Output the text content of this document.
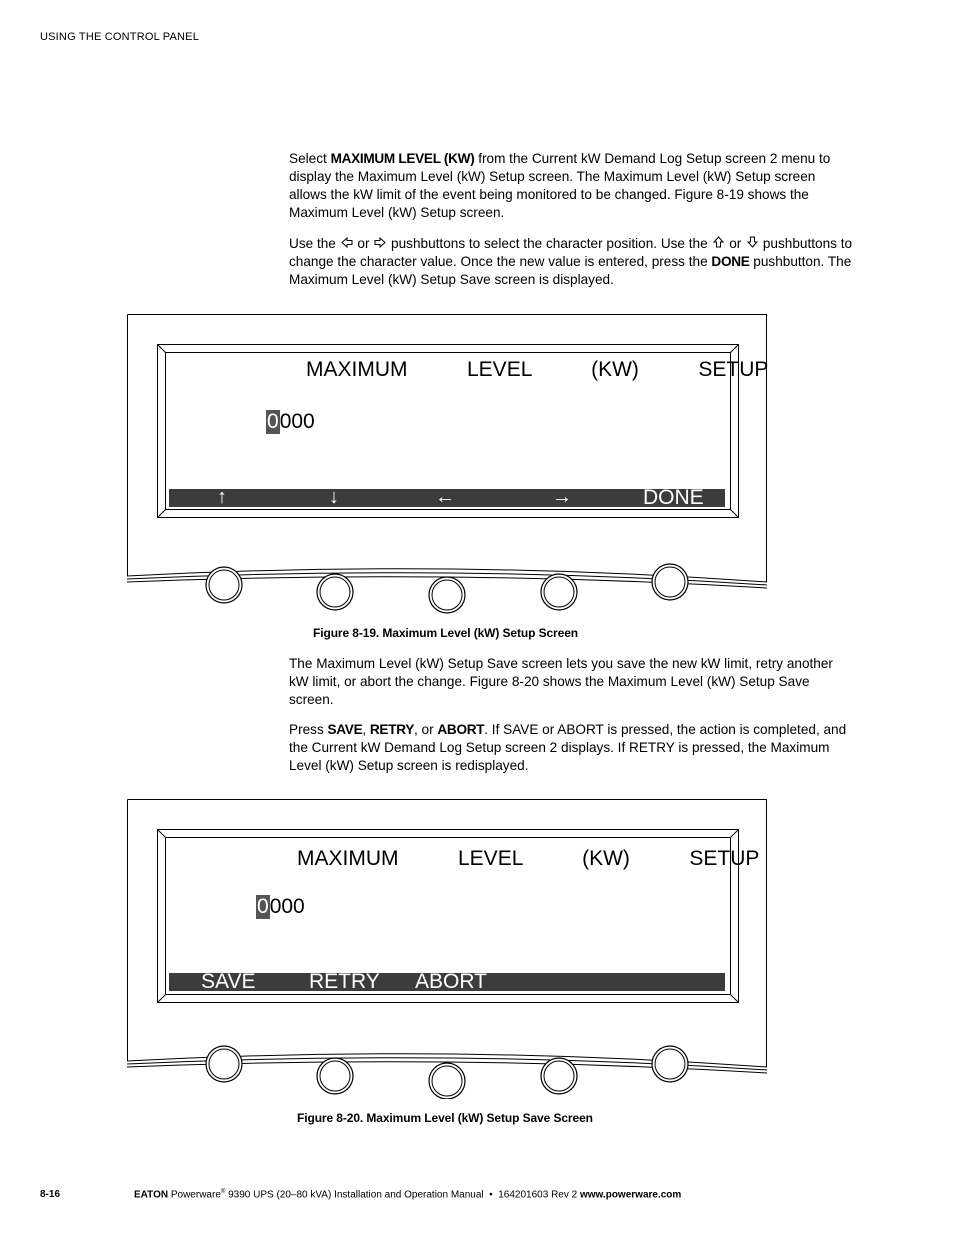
USING THE CONTROL PANEL
Select MAXIMUM LEVEL (KW) from the Current kW Demand Log Setup screen 2 menu to display the Maximum Level (kW) Setup screen. The Maximum Level (kW) Setup screen allows the kW limit of the event being monitored to be changed. Figure 8-19 shows the Maximum Level (kW) Setup screen.
Use the  or  pushbuttons to select the character position. Use the  or  pushbuttons to change the character value. Once the new value is entered, press the DONE pushbutton. The Maximum Level (kW) Setup Save screen is displayed.
MAXIMUM   LEVEL   (KW)   SETUP
0000
↑	↓	←	→	DONE
Figure 8-19. Maximum Level (kW) Setup Screen
The Maximum Level (kW) Setup Save screen lets you save the new kW limit, retry another kW limit, or abort the change. Figure 8-20 shows the Maximum Level (kW) Setup Save screen.
Press SAVE, RETRY, or ABORT. If SAVE or ABORT is pressed, the action is completed, and the Current kW Demand Log Setup screen 2 displays. If RETRY is pressed, the Maximum Level (kW) Setup screen is redisplayed.
MAXIMUM   LEVEL   (KW)   SETUP
0000
SAVE	RETRY ABORT
Figure 8-20. Maximum Level (kW) Setup Save Screen
8-16	EATON Powerware® 9390 UPS (20–80 kVA) Installation and Operation Manual  •  164201603 Rev 2 www.powerware.com
